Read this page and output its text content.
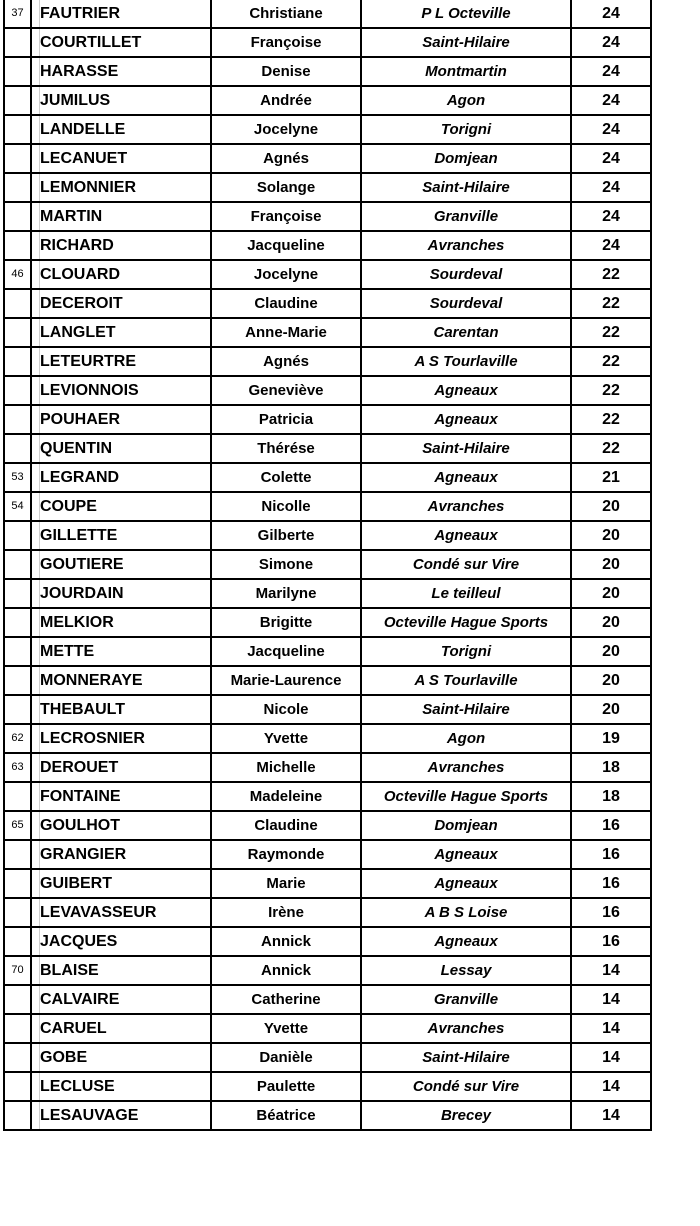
37		FAUTRIER	Christiane	P L Octeville	24
		COURTILLET	Françoise	Saint-Hilaire	24
		HARASSE	Denise	Montmartin	24
		JUMILUS	Andrée	Agon	24
		LANDELLE	Jocelyne	Torigni	24
		LECANUET	Agnés	Domjean	24
		LEMONNIER	Solange	Saint-Hilaire	24
		MARTIN	Françoise	Granville	24
		RICHARD	Jacqueline	Avranches	24
46		CLOUARD	Jocelyne	Sourdeval	22
		DECEROIT	Claudine	Sourdeval	22
		LANGLET	Anne-Marie	Carentan	22
		LETEURTRE	Agnés	A S Tourlaville	22
		LEVIONNOIS	Geneviève	Agneaux	22
		POUHAER	Patricia	Agneaux	22
		QUENTIN	Thérése	Saint-Hilaire	22
53		LEGRAND	Colette	Agneaux	21
54		COUPE	Nicolle	Avranches	20
		GILLETTE	Gilberte	Agneaux	20
		GOUTIERE	Simone	Condé sur Vire	20
		JOURDAIN	Marilyne	Le teilleul	20
		MELKIOR	Brigitte	Octeville Hague Sports	20
		METTE	Jacqueline	Torigni	20
		MONNERAYE	Marie-Laurence	A S Tourlaville	20
		THEBAULT	Nicole	Saint-Hilaire	20
62		LECROSNIER	Yvette	Agon	19
63		DEROUET	Michelle	Avranches	18
		FONTAINE	Madeleine	Octeville Hague Sports	18
65		GOULHOT	Claudine	Domjean	16
		GRANGIER	Raymonde	Agneaux	16
		GUIBERT	Marie	Agneaux	16
		LEVAVASSEUR	Irène	A B S Loise	16
		JACQUES	Annick	Agneaux	16
70		BLAISE	Annick	Lessay	14
		CALVAIRE	Catherine	Granville	14
		CARUEL	Yvette	Avranches	14
		GOBE	Danièle	Saint-Hilaire	14
		LECLUSE	Paulette	Condé sur Vire	14
		LESAUVAGE	Béatrice	Brecey	14
